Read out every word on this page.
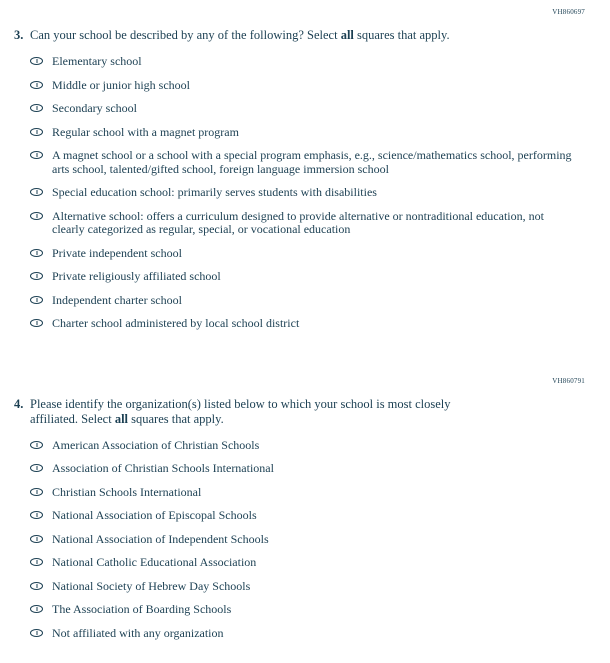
VH860697
3. Can your school be described by any of the following? Select all squares that apply.
Elementary school
Middle or junior high school
Secondary school
Regular school with a magnet program
A magnet school or a school with a special program emphasis, e.g., science/mathematics school, performing arts school, talented/gifted school, foreign language immersion school
Special education school: primarily serves students with disabilities
Alternative school: offers a curriculum designed to provide alternative or nontraditional education, not clearly categorized as regular, special, or vocational education
Private independent school
Private religiously affiliated school
Independent charter school
Charter school administered by local school district
VH860791
4. Please identify the organization(s) listed below to which your school is most closely affiliated. Select all squares that apply.
American Association of Christian Schools
Association of Christian Schools International
Christian Schools International
National Association of Episcopal Schools
National Association of Independent Schools
National Catholic Educational Association
National Society of Hebrew Day Schools
The Association of Boarding Schools
Not affiliated with any organization
